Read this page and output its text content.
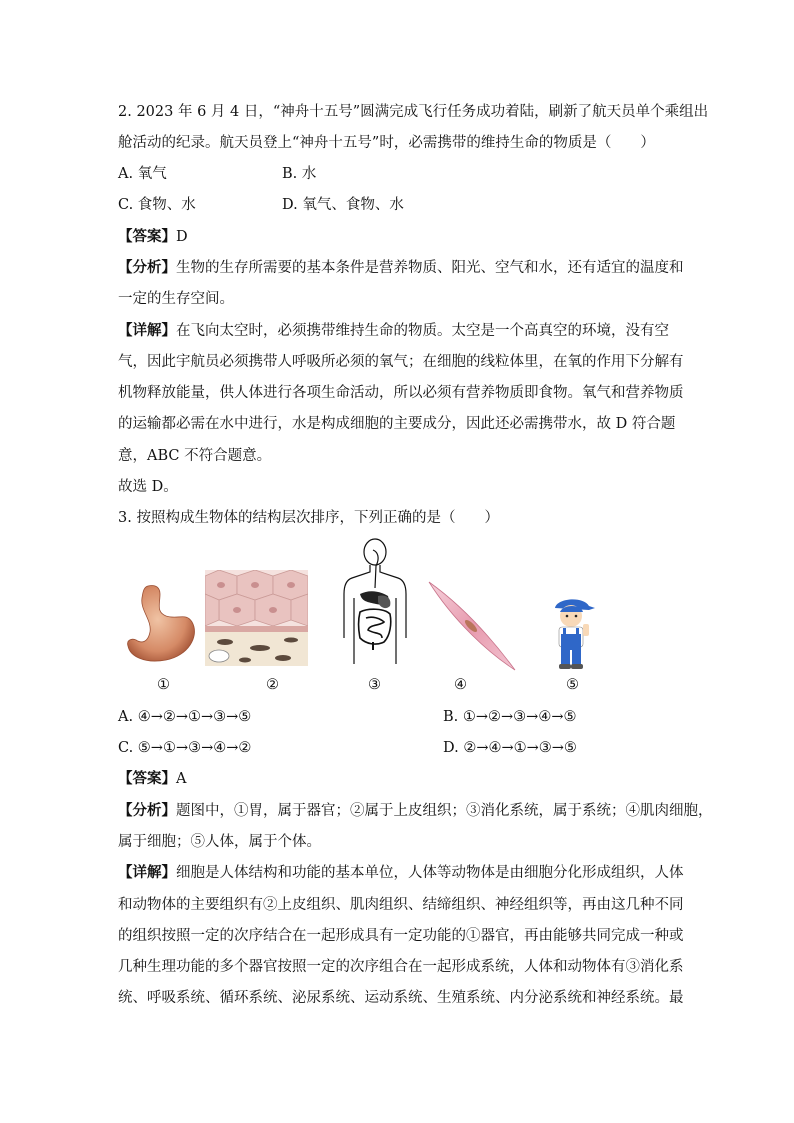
2. 2023 年 6 月 4 日，“神舟十五号”圆满完成飞行任务成功着陆，刷新了航天员单个乘组出
舱活动的纪录。航天员登上“神舟十五号”时，必需携带的维持生命的物质是（　　）
A. 氧气	B. 水
C. 食物、水	D. 氧气、食物、水
【答案】D
【分析】生物的生存所需要的基本条件是营养物质、阳光、空气和水，还有适宜的温度和
一定的生存空间。
【详解】在飞向太空时，必须携带维持生命的物质。太空是一个高真空的环境，没有空
气，因此宇航员必须携带人呼吸所必须的氧气；在细胞的线粒体里，在氧的作用下分解有
机物释放能量，供人体进行各项生命活动，所以必须有营养物质即食物。氧气和营养物质
的运输都必需在水中进行，水是构成细胞的主要成分，因此还必需携带水，故 D 符合题
意，ABC 不符合题意。
故选 D。
3. 按照构成生物体的结构层次排序，下列正确的是（　　）
①	②	③	④	⑤
A. ④→②→①→③→⑤	B. ①→②→③→④→⑤
C. ⑤→①→③→④→②	D. ②→④→①→③→⑤
【答案】A
【分析】题图中，①胃，属于器官；②属于上皮组织；③消化系统，属于系统；④肌肉细胞，
属于细胞；⑤人体，属于个体。
【详解】细胞是人体结构和功能的基本单位，人体等动物体是由细胞分化形成组织，人体
和动物体的主要组织有②上皮组织、肌肉组织、结缔组织、神经组织等，再由这几种不同
的组织按照一定的次序结合在一起形成具有一定功能的①器官，再由能够共同完成一种或
几种生理功能的多个器官按照一定的次序组合在一起形成系统，人体和动物体有③消化系
统、呼吸系统、循环系统、泌尿系统、运动系统、生殖系统、内分泌系统和神经系统。最
